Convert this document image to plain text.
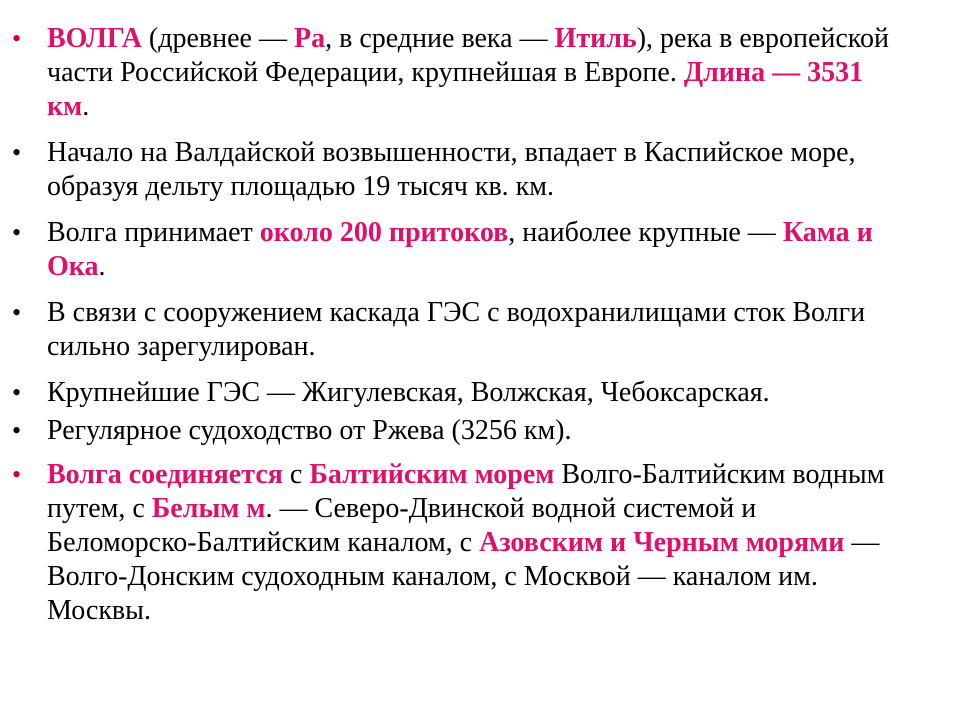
• ВОЛГА (древнее — Ра, в средние века — Итиль), река в европейской части Российской Федерации, крупнейшая в Европе. Длина — 3531 км.
• Начало на Валдайской возвышенности, впадает в Каспийское море, образуя дельту площадью 19 тысяч кв. км.
• Волга принимает около 200 притоков, наиболее крупные — Кама и Ока.
• В связи с сооружением каскада ГЭС с водохранилищами сток Волги сильно зарегулирован.
• Крупнейшие ГЭС — Жигулевская, Волжская, Чебоксарская.
• Регулярное судоходство от Ржева (3256 км).
• Волга соединяется с Балтийским морем Волго-Балтийским водным путем, с Белым м. — Северо-Двинской водной системой и Беломорско-Балтийским каналом, с Азовским и Черным морями — Волго-Донским судоходным каналом, с Москвой — каналом им. Москвы.
